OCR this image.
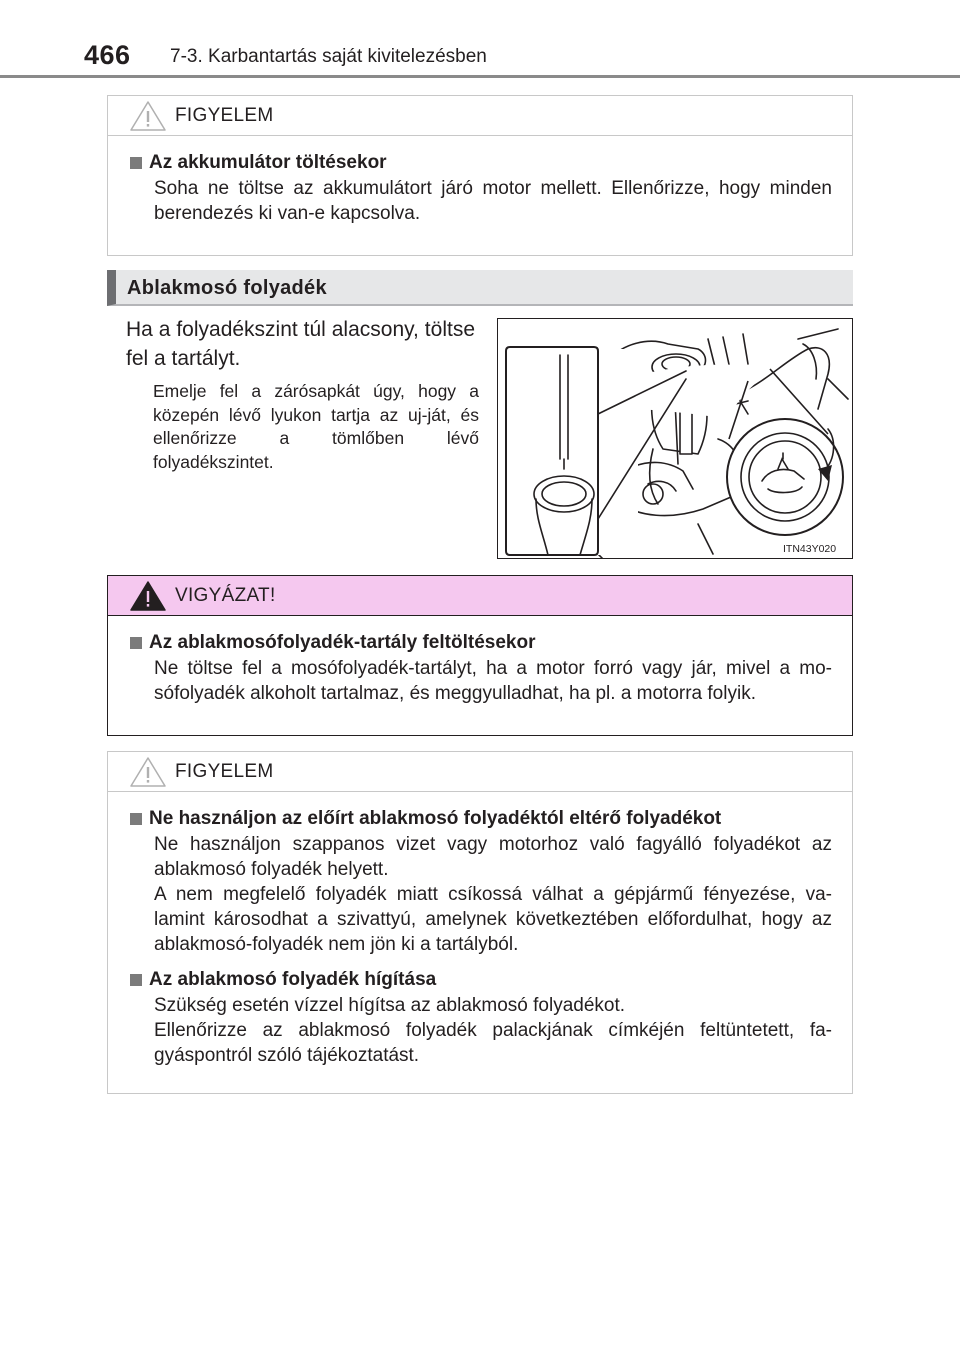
466 7-3. Karbantartás saját kivitelezésben
FIGYELEM
Az akkumulátor töltésekor

Soha ne töltse az akkumulátort járó motor mellett. Ellenőrizze, hogy minden berendezés ki van-e kapcsolva.

Ablakmosó folyadék
Ha a folyadékszint túl alacsony, töltse fel a tartályt.
Emelje fel a zárósapkát úgy, hogy a közepén lévő lyukon tartja az uj-ját, és ellenőrizze a tömlőben lévő folyadékszintet.
ITN43Y020
VIGYÁZAT!
Az ablakmosófolyadék-tartály feltöltésekor

Ne töltse fel a mosófolyadék-tartályt, ha a motor forró vagy jár, mivel a mo-sófolyadék alkoholt tartalmaz, és meggyulladhat, ha pl. a motorra folyik.

FIGYELEM
Ne használjon az előírt ablakmosó folyadéktól eltérő folyadékot

Ne használjon szappanos vizet vagy motorhoz való fagyálló folyadékot az ablakmosó folyadék helyett.

A nem megfelelő folyadék miatt csíkossá válhat a gépjármű fényezése, va-lamint károsodhat a szivattyú, amelynek következtében előfordulhat, hogy az ablakmosó-folyadék nem jön ki a tartályból.

Az ablakmosó folyadék hígítása

Szükség esetén vízzel hígítsa az ablakmosó folyadékot.

Ellenőrizze az ablakmosó folyadék palackjának címkéjén feltüntetett, fa-gyáspontról szóló tájékoztatást.
